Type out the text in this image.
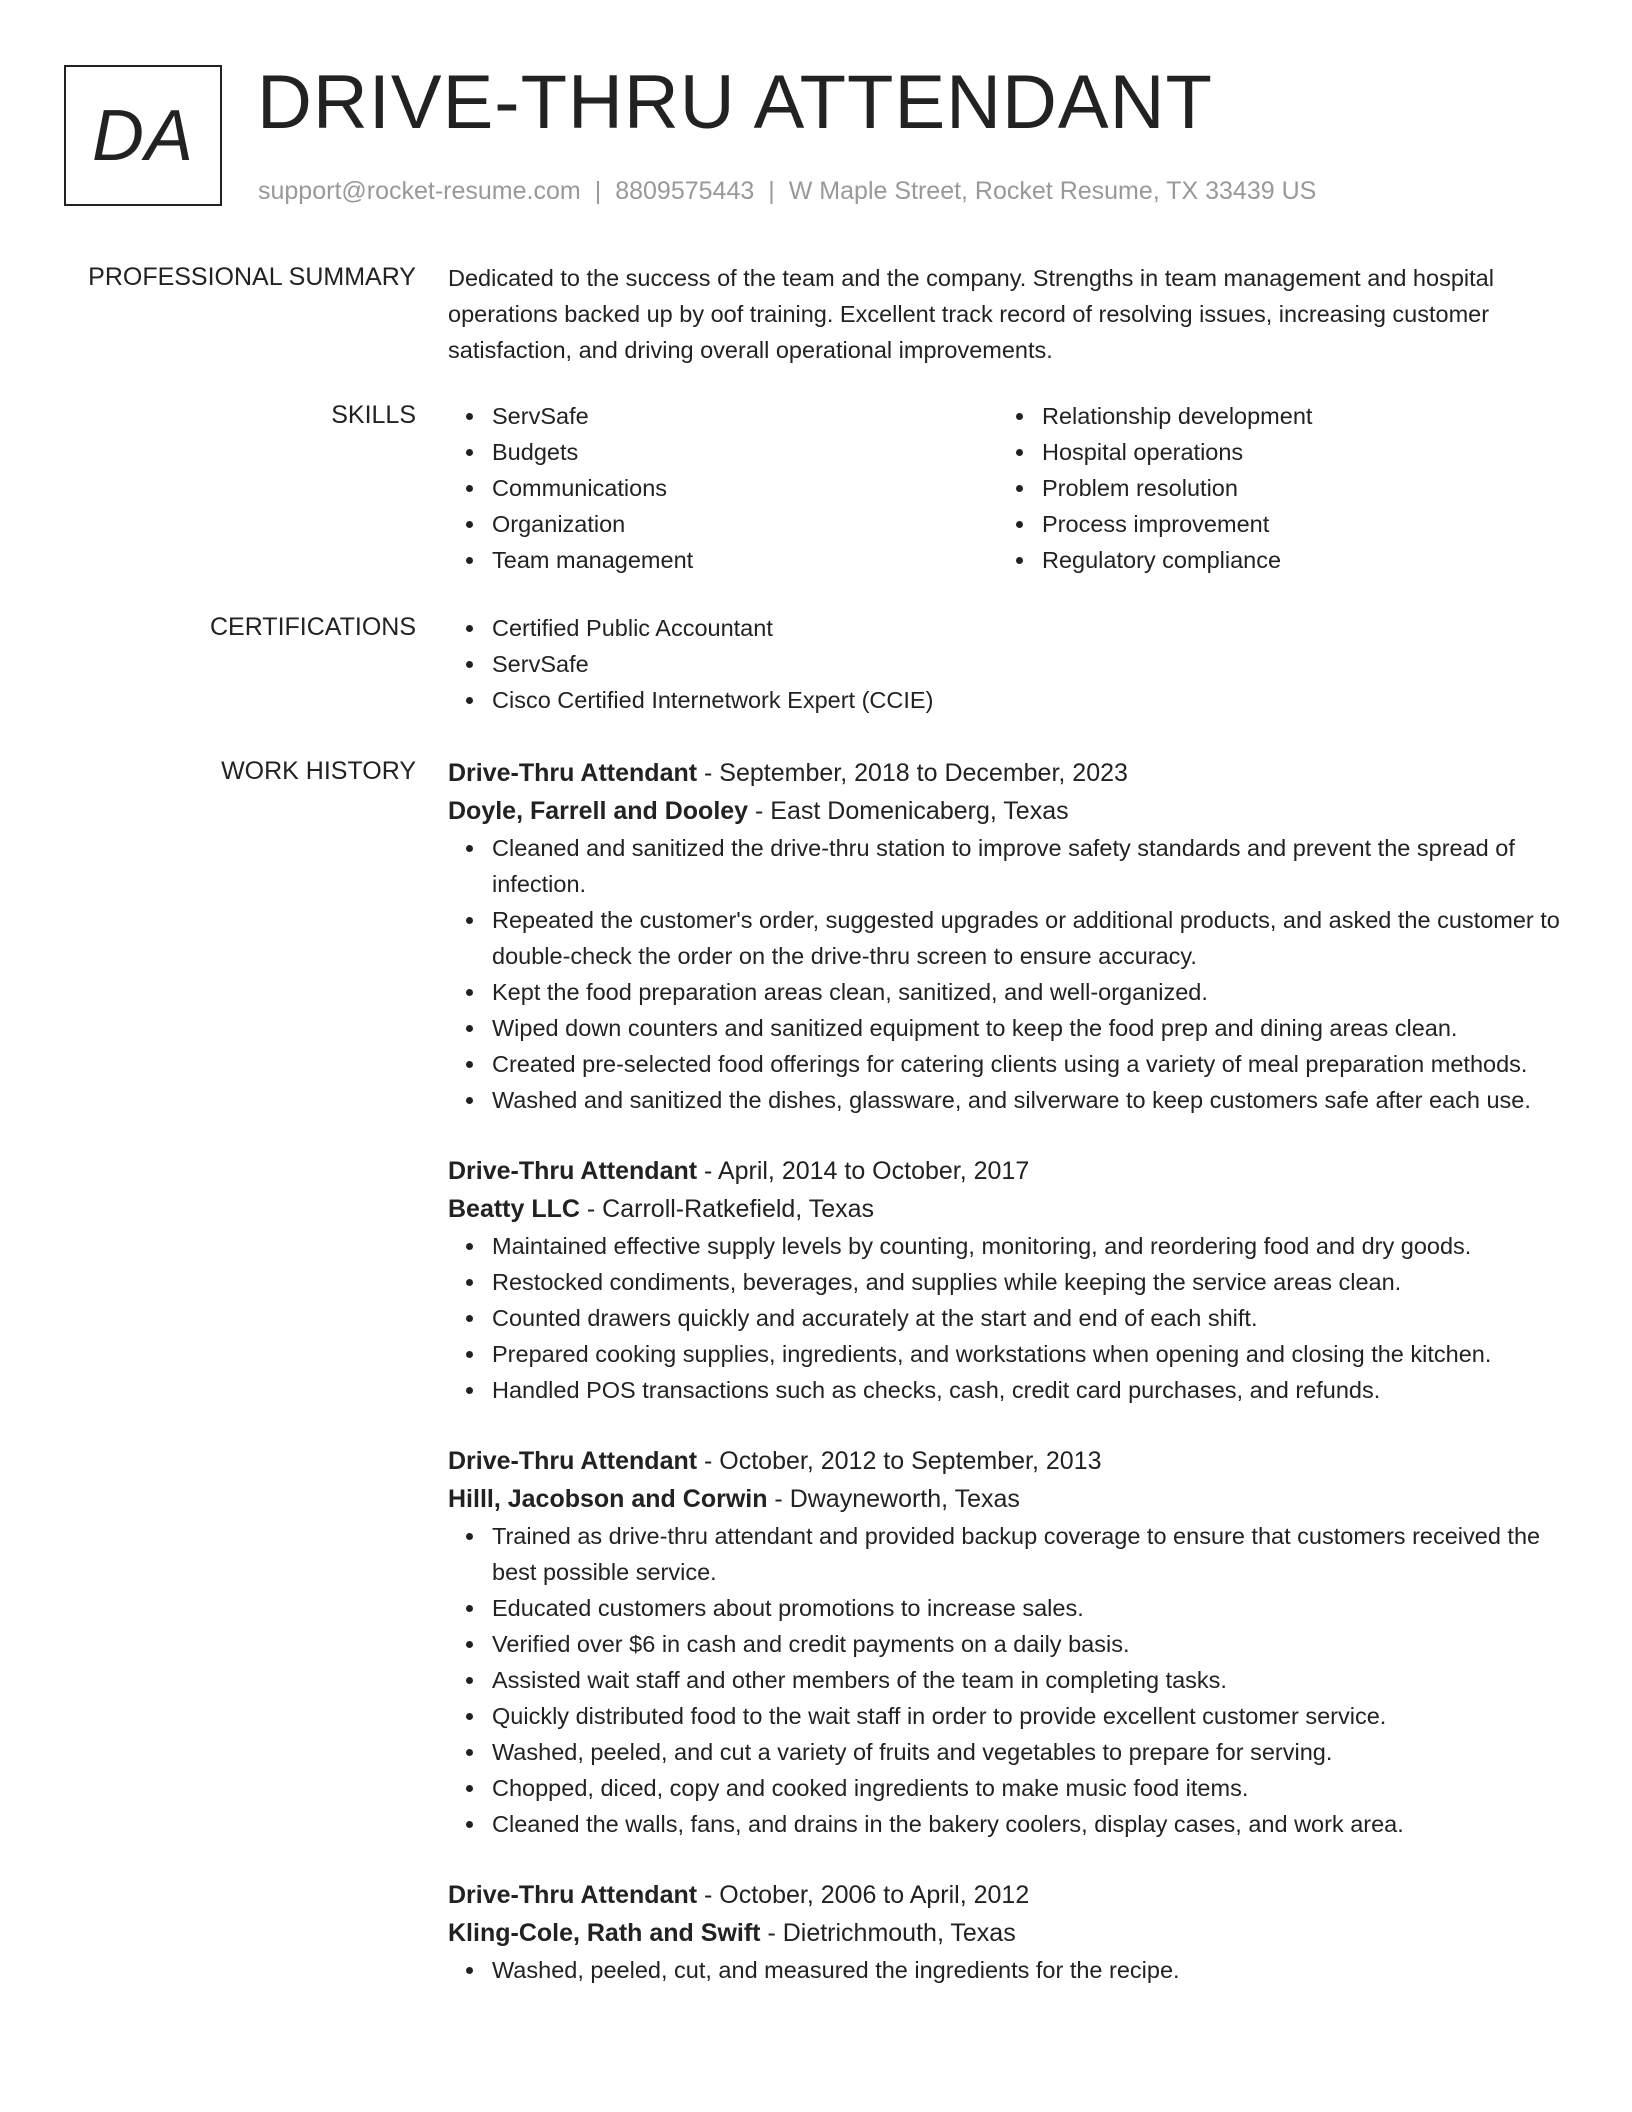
DA DRIVE-THRU ATTENDANT
support@rocket-resume.com | 8809575443 | W Maple Street, Rocket Resume, TX 33439 US
PROFESSIONAL SUMMARY Dedicated to the success of the team and the company. Strengths in team management and hospital operations backed up by oof training. Excellent track record of resolving issues, increasing customer satisfaction, and driving overall operational improvements.

SKILLS	ServSafe
Budgets
Communications
Organization
Team management
Relationship development
Hospital operations
Problem resolution
Process improvement
Regulatory compliance
CERTIFICATIONS	Certified Public Accountant
ServSafe
Cisco Certified Internetwork Expert (CCIE)
WORK HISTORY Drive-Thru Attendant - September, 2018 to December, 2023
Doyle, Farrell and Dooley - East Domenicaberg, Texas
Cleaned and sanitized the drive-thru station to improve safety standards and prevent the spread of infection.
Repeated the customer's order, suggested upgrades or additional products, and asked the customer to double-check the order on the drive-thru screen to ensure accuracy.
Kept the food preparation areas clean, sanitized, and well-organized.
Wiped down counters and sanitized equipment to keep the food prep and dining areas clean.
Created pre-selected food offerings for catering clients using a variety of meal preparation methods.
Washed and sanitized the dishes, glassware, and silverware to keep customers safe after each use.
Drive-Thru Attendant - April, 2014 to October, 2017
Beatty LLC - Carroll-Ratkefield, Texas
Maintained effective supply levels by counting, monitoring, and reordering food and dry goods.
Restocked condiments, beverages, and supplies while keeping the service areas clean.
Counted drawers quickly and accurately at the start and end of each shift.
Prepared cooking supplies, ingredients, and workstations when opening and closing the kitchen.
Handled POS transactions such as checks, cash, credit card purchases, and refunds.
Drive-Thru Attendant - October, 2012 to September, 2013
Hilll, Jacobson and Corwin - Dwayneworth, Texas
Trained as drive-thru attendant and provided backup coverage to ensure that customers received the best possible service.
Educated customers about promotions to increase sales.
Verified over $6 in cash and credit payments on a daily basis.
Assisted wait staff and other members of the team in completing tasks.
Quickly distributed food to the wait staff in order to provide excellent customer service.
Washed, peeled, and cut a variety of fruits and vegetables to prepare for serving.
Chopped, diced, copy and cooked ingredients to make music food items.
Cleaned the walls, fans, and drains in the bakery coolers, display cases, and work area.
Drive-Thru Attendant - October, 2006 to April, 2012
Kling-Cole, Rath and Swift - Dietrichmouth, Texas
Washed, peeled, cut, and measured the ingredients for the recipe.
